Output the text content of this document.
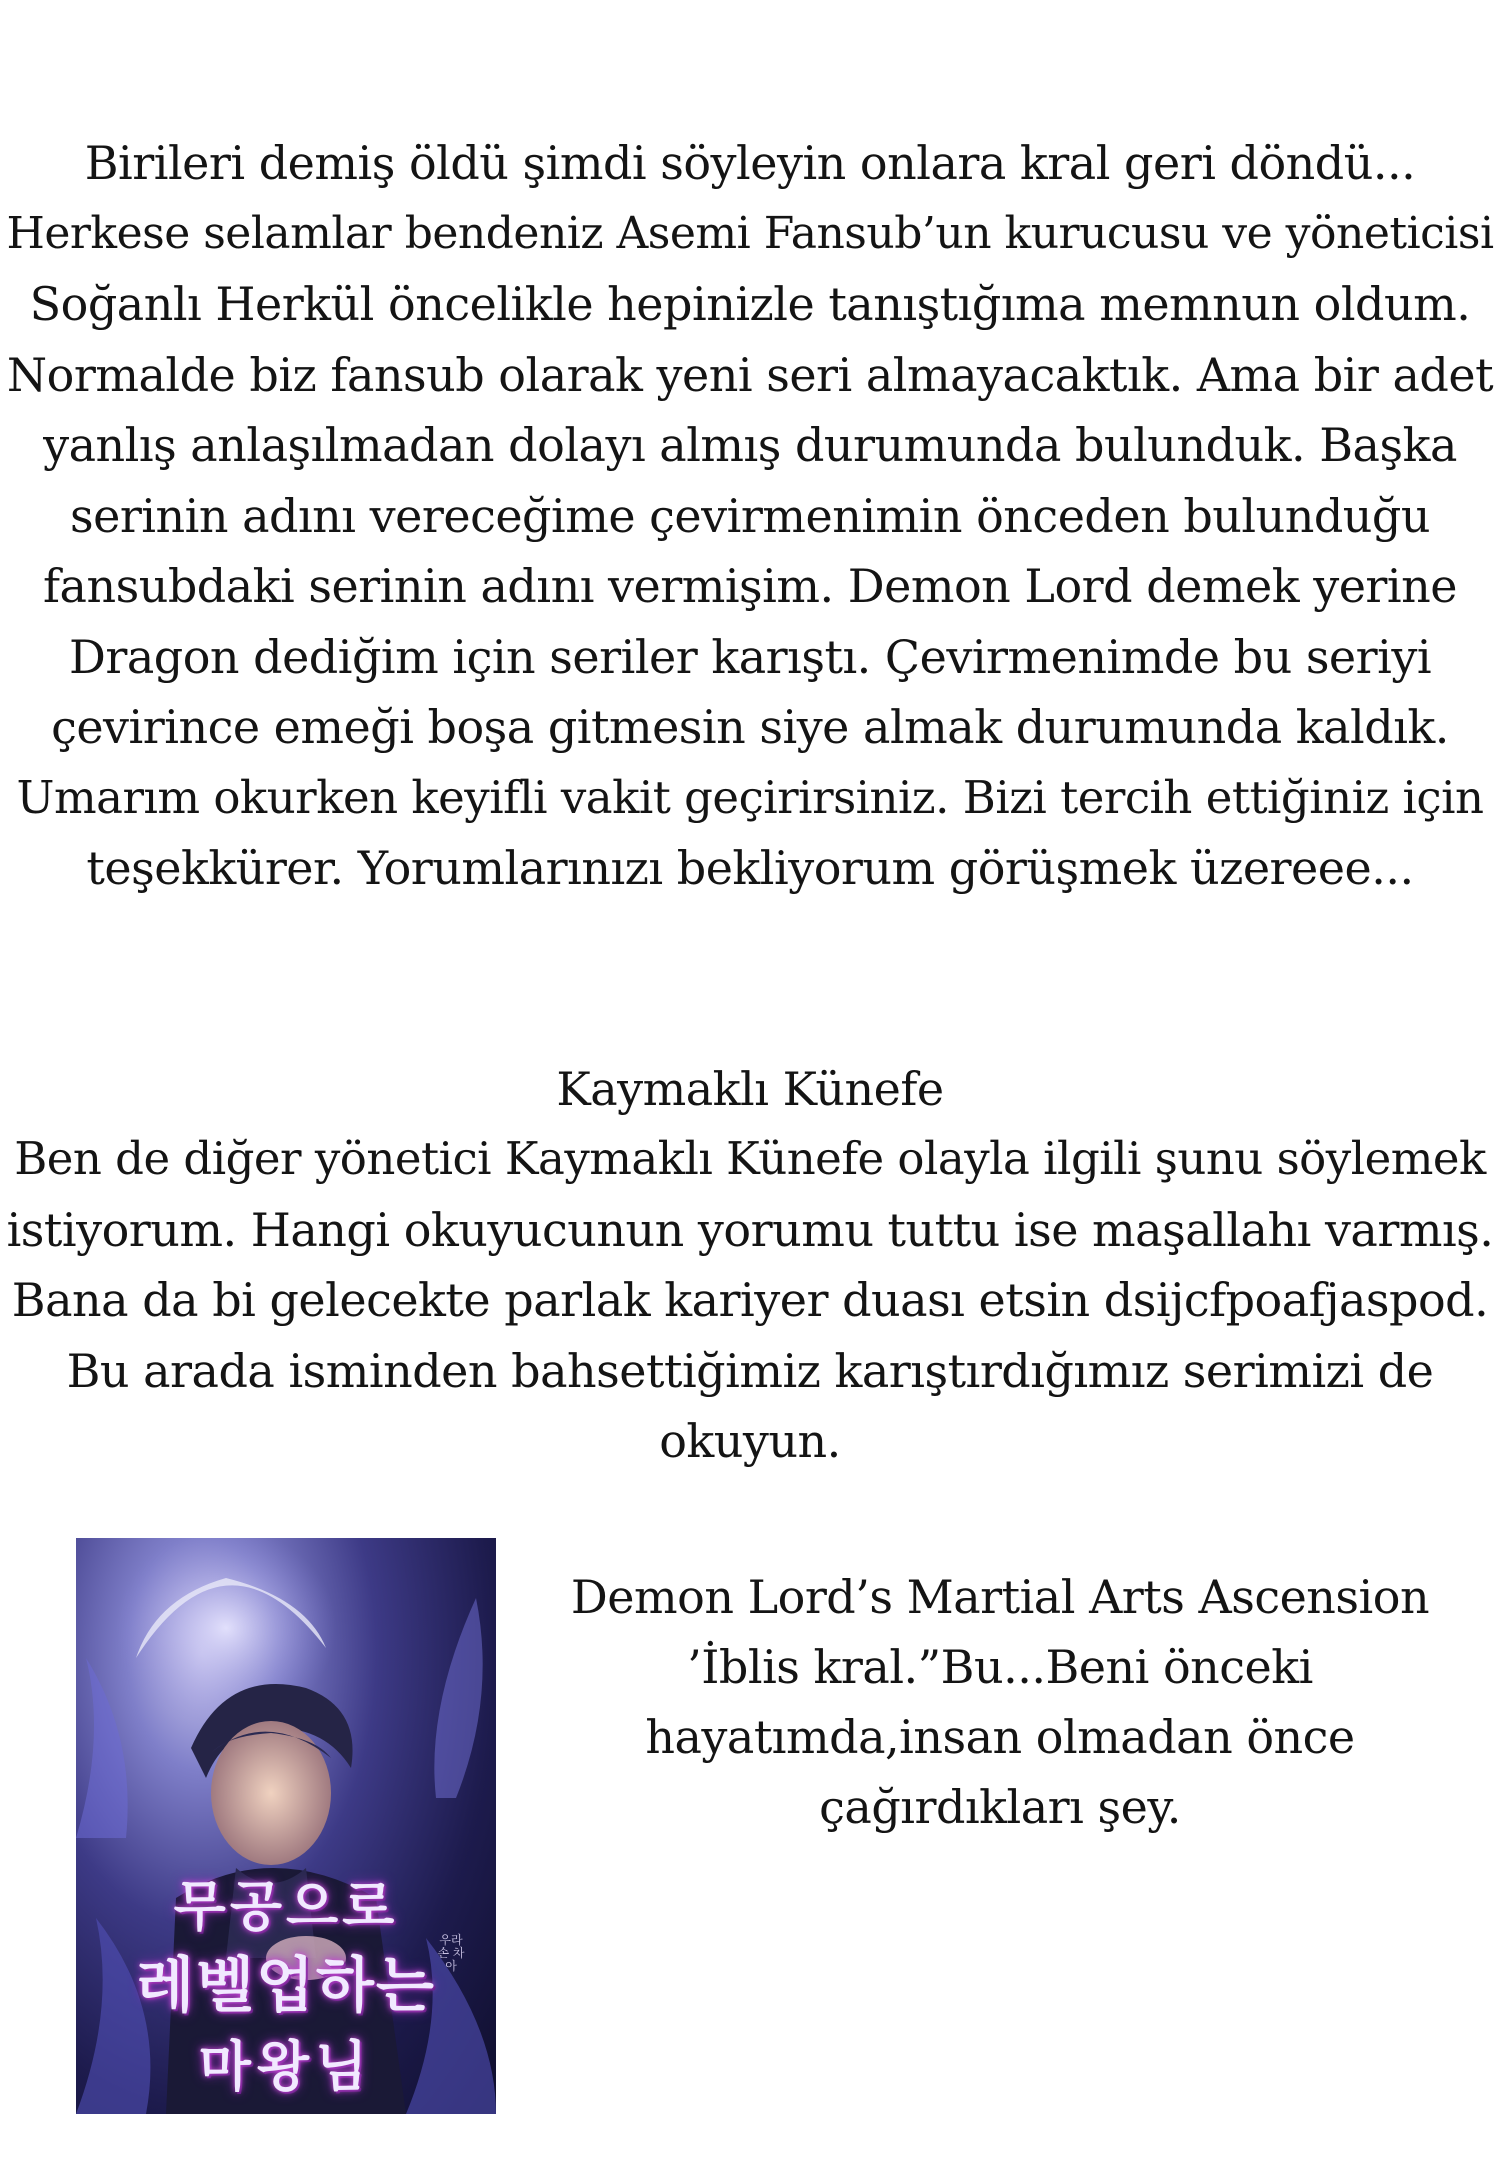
Birileri demiş öldü şimdi söyleyin onlara kral geri döndü...
Herkese selamlar bendeniz Asemi Fansub’un kurucusu ve yöneticisi
Soğanlı Herkül öncelikle hepinizle tanıştığıma memnun oldum.
Normalde biz fansub olarak yeni seri almayacaktık. Ama bir adet
yanlış anlaşılmadan dolayı almış durumunda bulunduk. Başka
serinin adını vereceğime çevirmenimin önceden bulunduğu
fansubdaki serinin adını vermişim. Demon Lord demek yerine
Dragon dediğim için seriler karıştı. Çevirmenimde bu seriyi
çevirince emeği boşa gitmesin siye almak durumunda kaldık.
Umarım okurken keyifli vakit geçirirsiniz. Bizi tercih ettiğiniz için
teşekkürer. Yorumlarınızı bekliyorum görüşmek üzereee...
Kaymaklı Künefe
Ben de diğer yönetici Kaymaklı Künefe olayla ilgili şunu söylemek
istiyorum. Hangi okuyucunun yorumu tuttu ise maşallahı varmış.
Bana da bi gelecekte parlak kariyer duası etsin dsijcfpoafjaspod.
Bu arada isminden bahsettiğimiz karıştırdığımız serimizi de
okuyun.
무공으로
레벨업하는
마왕님
우라 손 차 아
Demon Lord’s Martial Arts Ascension
’İblis kral.”Bu...Beni önceki
hayatımda,insan olmadan önce
çağırdıkları şey.
